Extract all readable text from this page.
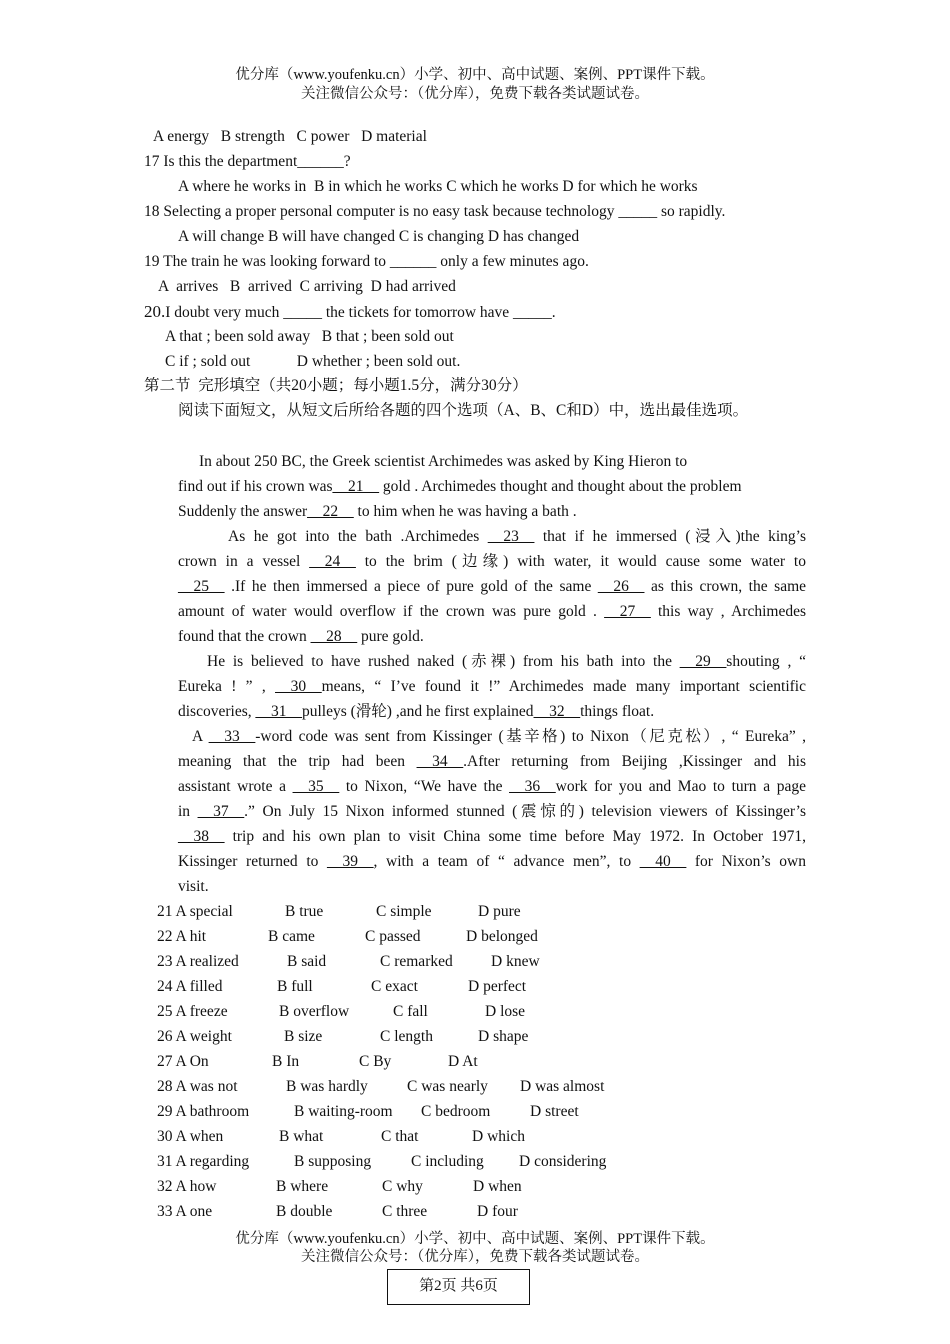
优分库（www.youfenku.cn）小学、初中、高中试题、案例、PPT课件下载。
关注微信公众号：（优分库），免费下载各类试题试卷。
A energy   B strength   C power   D material
17 Is this the department______?
A where he works in  B in which he works C which he works D for which he works
18 Selecting a proper personal computer is no easy task because technology _____ so rapidly.
A will change B will have changed C is changing D has changed
19 The train he was looking forward to ______ only a few minutes ago.
A  arrives   B  arrived  C arriving  D had arrived
20.I doubt very much _____ the tickets for tomorrow have _____.
A that ; been sold away   B that ; been sold out
C if ; sold out            D whether ; been sold out.
第二节  完形填空（共20小题；每小题1.5分，满分30分）
阅读下面短文，从短文后所给各题的四个选项（A、B、C和D）中，选出最佳选项。
In about 250 BC, the Greek scientist Archimedes was asked by King Hieron to
find out if his crown was__21__ gold . Archimedes thought and thought about the problem
Suddenly the answer__22__ to him when he was having a bath .
As he got into the bath .Archimedes __23__ that if he immersed (浸入)the king’s
crown in a vessel __24__ to the brim (边缘) with water, it would cause some water to
__25__ .If he then immersed a piece of pure gold of the same __26__ as this crown, the same
amount of water would overflow if the crown was pure gold . __27__ this way , Archimedes
found that the crown __28__ pure gold.
He is believed to have rushed naked (赤裸) from his bath into the __29__shouting , “
Eureka ! ” , __30__means, “ I’ve found it !” Archimedes made many important scientific
discoveries, __31__pulleys (滑轮) ,and he first explained__32__things float.
A __33__-word code was sent from Kissinger (基辛格) to Nixon（尼克松）, “ Eureka” ,
meaning that the trip had been __34__.After returning from Beijing ,Kissinger and his
assistant wrote a __35__ to Nixon, “We have the __36__work for you and Mao to turn a page
in __37__.” On July 15 Nixon informed stunned (震惊的) television viewers of Kissinger’s
__38__ trip and his own plan to visit China some time before May 1972. In October 1971,
Kissinger returned to __39__, with a team of “ advance men”, to __40__ for Nixon’s own
visit.
21 A special	B true	C simple	D pure
22 A hit	B came	C passed	D belonged
23 A realized	B said	C remarked D knew
24 A filled	B full	C exact	D perfect
25 A freeze	B overflow	C fall	D lose
26 A weight	B size	C length	D shape
27 A On	B In	C By	D At
28 A was not	B was hardly	C was nearly D was almost
29 A bathroom	B waiting-room C bedroom	D street
30 A when	B what	C that	D which
31 A regarding	B supposing	C including D considering
32 A how	B where	C why	D when
33 A one	B double	C three	D four
优分库（www.youfenku.cn）小学、初中、高中试题、案例、PPT课件下载。
关注微信公众号：（优分库），免费下载各类试题试卷。
第2页 共6页
